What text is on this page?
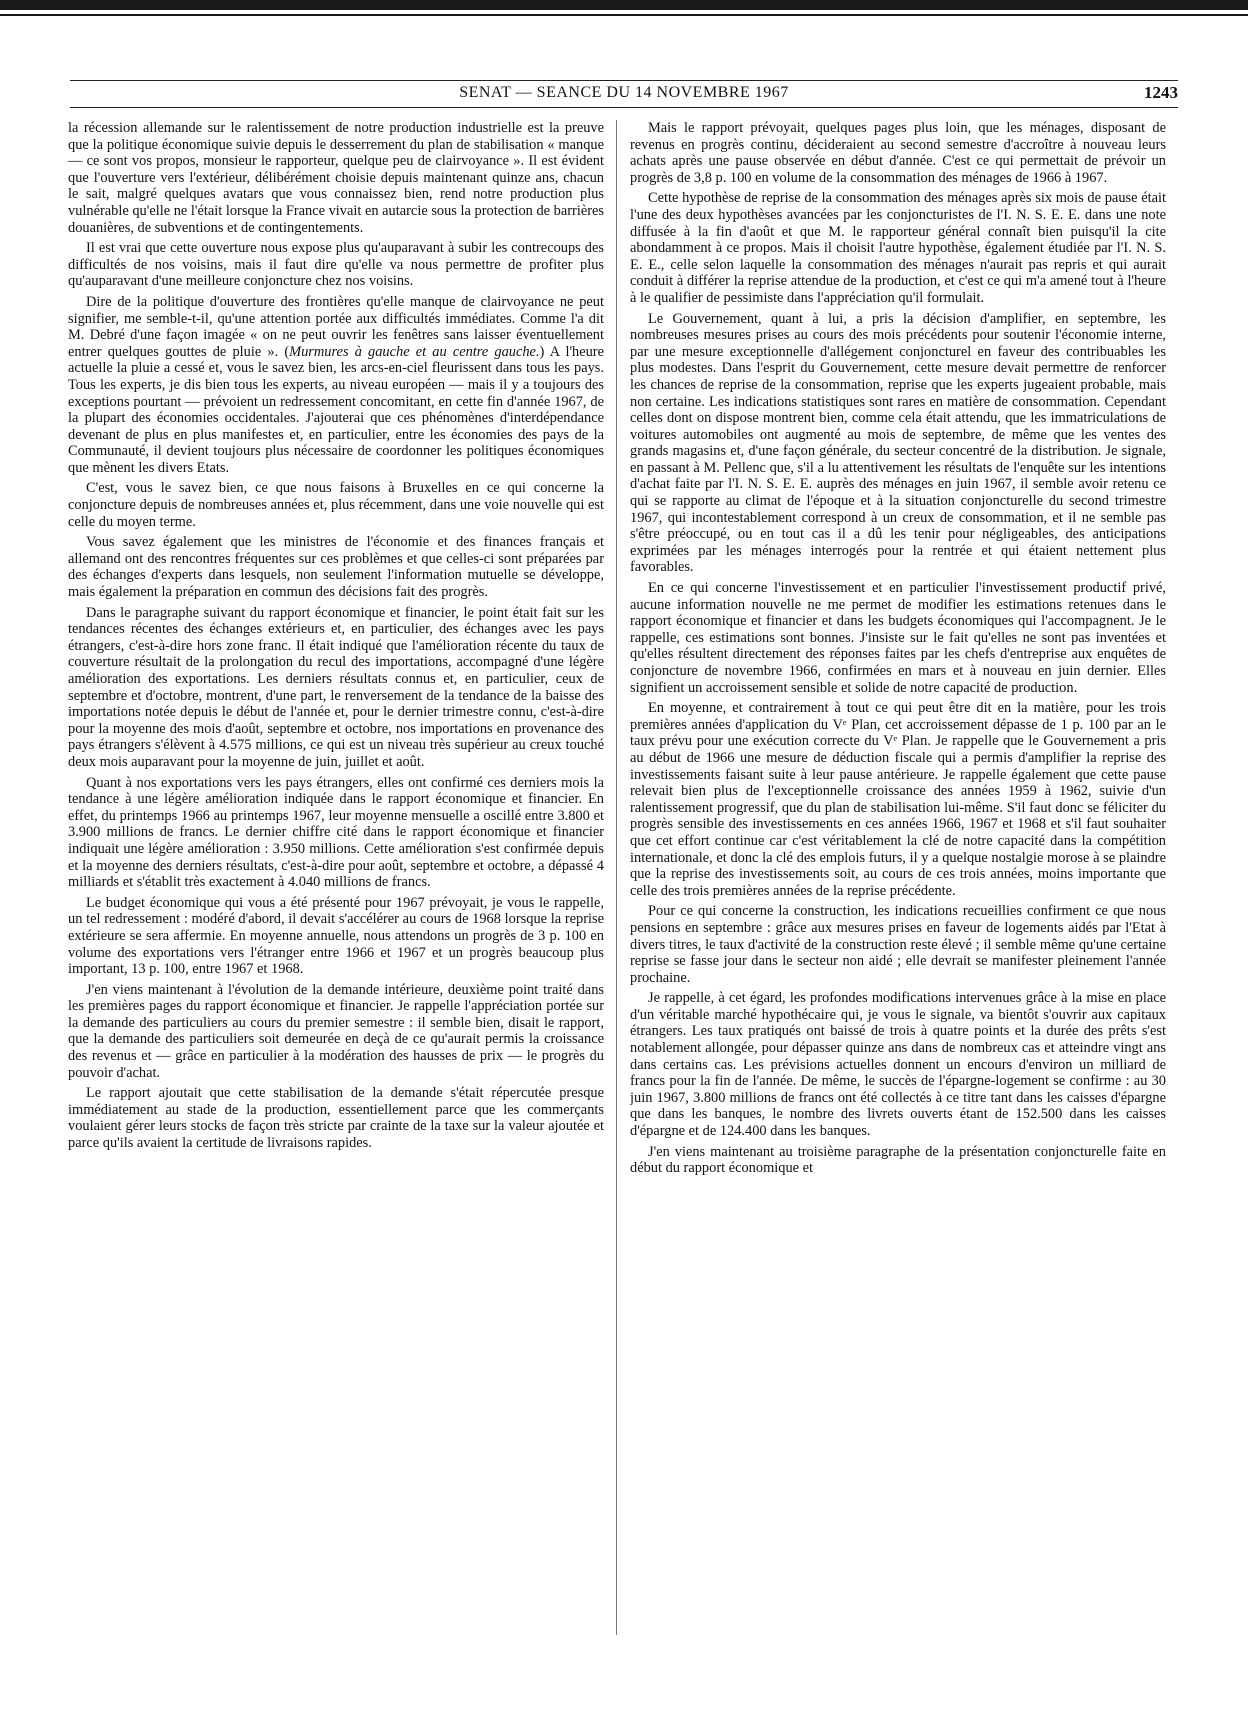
SENAT — SEANCE DU 14 NOVEMBRE 1967	1243

la récession allemande sur le ralentissement de notre production industrielle est la preuve que la politique économique suivie depuis le desserrement du plan de stabilisation « manque — ce sont vos propos, monsieur le rapporteur, quelque peu de clairvoyance ». Il est évident que l'ouverture vers l'extérieur, délibérément choisie depuis maintenant quinze ans, chacun le sait, malgré quelques avatars que vous connaissez bien, rend notre production plus vulnérable qu'elle ne l'était lorsque la France vivait en autarcie sous la protection de barrières douanières, de subventions et de contingentements.

Il est vrai que cette ouverture nous expose plus qu'auparavant à subir les contrecoups des difficultés de nos voisins, mais il faut dire qu'elle va nous permettre de profiter plus qu'auparavant d'une meilleure conjoncture chez nos voisins.

Dire de la politique d'ouverture des frontières qu'elle manque de clairvoyance ne peut signifier, me semble-t-il, qu'une attention portée aux difficultés immédiates. Comme l'a dit M. Debré d'une façon imagée « on ne peut ouvrir les fenêtres sans laisser éventuellement entrer quelques gouttes de pluie ». (Murmures à gauche et au centre gauche.) A l'heure actuelle la pluie a cessé et, vous le savez bien, les arcs-en-ciel fleurissent dans tous les pays. Tous les experts, je dis bien tous les experts, au niveau européen — mais il y a toujours des exceptions pourtant — prévoient un redressement concomitant, en cette fin d'année 1967, de la plupart des économies occidentales. J'ajouterai que ces phénomènes d'interdépendance devenant de plus en plus manifestes et, en particulier, entre les économies des pays de la Communauté, il devient toujours plus nécessaire de coordonner les politiques économiques que mènent les divers Etats.

C'est, vous le savez bien, ce que nous faisons à Bruxelles en ce qui concerne la conjoncture depuis de nombreuses années et, plus récemment, dans une voie nouvelle qui est celle du moyen terme.

Vous savez également que les ministres de l'économie et des finances français et allemand ont des rencontres fréquentes sur ces problèmes et que celles-ci sont préparées par des échanges d'experts dans lesquels, non seulement l'information mutuelle se développe, mais également la préparation en commun des décisions fait des progrès.

Dans le paragraphe suivant du rapport économique et financier, le point était fait sur les tendances récentes des échanges extérieurs et, en particulier, des échanges avec les pays étrangers, c'est-à-dire hors zone franc. Il était indiqué que l'amélioration récente du taux de couverture résultait de la prolongation du recul des importations, accompagné d'une légère amélioration des exportations. Les derniers résultats connus et, en particulier, ceux de septembre et d'octobre, montrent, d'une part, le renversement de la tendance de la baisse des importations notée depuis le début de l'année et, pour le dernier trimestre connu, c'est-à-dire pour la moyenne des mois d'août, septembre et octobre, nos importations en provenance des pays étrangers s'élèvent à 4.575 millions, ce qui est un niveau très supérieur au creux touché deux mois auparavant pour la moyenne de juin, juillet et août.

Quant à nos exportations vers les pays étrangers, elles ont confirmé ces derniers mois la tendance à une légère amélioration indiquée dans le rapport économique et financier. En effet, du printemps 1966 au printemps 1967, leur moyenne mensuelle a oscillé entre 3.800 et 3.900 millions de francs. Le dernier chiffre cité dans le rapport économique et financier indiquait une légère amélioration : 3.950 millions. Cette amélioration s'est confirmée depuis et la moyenne des derniers résultats, c'est-à-dire pour août, septembre et octobre, a dépassé 4 milliards et s'établit très exactement à 4.040 millions de francs.

Le budget économique qui vous a été présenté pour 1967 prévoyait, je vous le rappelle, un tel redressement : modéré d'abord, il devait s'accélérer au cours de 1968 lorsque la reprise extérieure se sera affermie. En moyenne annuelle, nous attendons un progrès de 3 p. 100 en volume des exportations vers l'étranger entre 1966 et 1967 et un progrès beaucoup plus important, 13 p. 100, entre 1967 et 1968.

J'en viens maintenant à l'évolution de la demande intérieure, deuxième point traité dans les premières pages du rapport économique et financier. Je rappelle l'appréciation portée sur la demande des particuliers au cours du premier semestre : il semble bien, disait le rapport, que la demande des particuliers soit demeurée en deçà de ce qu'aurait permis la croissance des revenus et — grâce en particulier à la modération des hausses de prix — le progrès du pouvoir d'achat.

Le rapport ajoutait que cette stabilisation de la demande s'était répercutée presque immédiatement au stade de la production, essentiellement parce que les commerçants voulaient gérer leurs stocks de façon très stricte par crainte de la taxe sur la valeur ajoutée et parce qu'ils avaient la certitude de livraisons rapides.

Mais le rapport prévoyait, quelques pages plus loin, que les ménages, disposant de revenus en progrès continu, décideraient au second semestre d'accroître à nouveau leurs achats après une pause observée en début d'année. C'est ce qui permettait de prévoir un progrès de 3,8 p. 100 en volume de la consommation des ménages de 1966 à 1967.

Cette hypothèse de reprise de la consommation des ménages après six mois de pause était l'une des deux hypothèses avancées par les conjoncturistes de l'I. N. S. E. E. dans une note diffusée à la fin d'août et que M. le rapporteur général connaît bien puisqu'il la cite abondamment à ce propos. Mais il choisit l'autre hypothèse, également étudiée par l'I. N. S. E. E., celle selon laquelle la consommation des ménages n'aurait pas repris et qui aurait conduit à différer la reprise attendue de la production, et c'est ce qui m'a amené tout à l'heure à le qualifier de pessimiste dans l'appréciation qu'il formulait.

Le Gouvernement, quant à lui, a pris la décision d'amplifier, en septembre, les nombreuses mesures prises au cours des mois précédents pour soutenir l'économie interne, par une mesure exceptionnelle d'allégement conjoncturel en faveur des contribuables les plus modestes. Dans l'esprit du Gouvernement, cette mesure devait permettre de renforcer les chances de reprise de la consommation, reprise que les experts jugeaient probable, mais non certaine. Les indications statistiques sont rares en matière de consommation. Cependant celles dont on dispose montrent bien, comme cela était attendu, que les immatriculations de voitures automobiles ont augmenté au mois de septembre, de même que les ventes des grands magasins et, d'une façon générale, du secteur concentré de la distribution. Je signale, en passant à M. Pellenc que, s'il a lu attentivement les résultats de l'enquête sur les intentions d'achat faite par l'I. N. S. E. E. auprès des ménages en juin 1967, il semble avoir retenu ce qui se rapporte au climat de l'époque et à la situation conjoncturelle du second trimestre 1967, qui incontestablement correspond à un creux de consommation, et il ne semble pas s'être préoccupé, ou en tout cas il a dû les tenir pour négligeables, des anticipations exprimées par les ménages interrogés pour la rentrée et qui étaient nettement plus favorables.

En ce qui concerne l'investissement et en particulier l'investissement productif privé, aucune information nouvelle ne me permet de modifier les estimations retenues dans le rapport économique et financier et dans les budgets économiques qui l'accompagnent. Je le rappelle, ces estimations sont bonnes. J'insiste sur le fait qu'elles ne sont pas inventées et qu'elles résultent directement des réponses faites par les chefs d'entreprise aux enquêtes de conjoncture de novembre 1966, confirmées en mars et à nouveau en juin dernier. Elles signifient un accroissement sensible et solide de notre capacité de production.

En moyenne, et contrairement à tout ce qui peut être dit en la matière, pour les trois premières années d'application du Vᵉ Plan, cet accroissement dépasse de 1 p. 100 par an le taux prévu pour une exécution correcte du Vᵉ Plan. Je rappelle que le Gouvernement a pris au début de 1966 une mesure de déduction fiscale qui a permis d'amplifier la reprise des investissements faisant suite à leur pause antérieure. Je rappelle également que cette pause relevait bien plus de l'exceptionnelle croissance des années 1959 à 1962, suivie d'un ralentissement progressif, que du plan de stabilisation lui-même. S'il faut donc se féliciter du progrès sensible des investissements en ces années 1966, 1967 et 1968 et s'il faut souhaiter que cet effort continue car c'est véritablement la clé de notre capacité dans la compétition internationale, et donc la clé des emplois futurs, il y a quelque nostalgie morose à se plaindre que la reprise des investissements soit, au cours de ces trois années, moins importante que celle des trois premières années de la reprise précédente.

Pour ce qui concerne la construction, les indications recueillies confirment ce que nous pensions en septembre : grâce aux mesures prises en faveur de logements aidés par l'Etat à divers titres, le taux d'activité de la construction reste élevé ; il semble même qu'une certaine reprise se fasse jour dans le secteur non aidé ; elle devrait se manifester pleinement l'année prochaine.

Je rappelle, à cet égard, les profondes modifications intervenues grâce à la mise en place d'un véritable marché hypothécaire qui, je vous le signale, va bientôt s'ouvrir aux capitaux étrangers. Les taux pratiqués ont baissé de trois à quatre points et la durée des prêts s'est notablement allongée, pour dépasser quinze ans dans de nombreux cas et atteindre vingt ans dans certains cas. Les prévisions actuelles donnent un encours d'environ un milliard de francs pour la fin de l'année. De même, le succès de l'épargne-logement se confirme : au 30 juin 1967, 3.800 millions de francs ont été collectés à ce titre tant dans les caisses d'épargne que dans les banques, le nombre des livrets ouverts étant de 152.500 dans les caisses d'épargne et de 124.400 dans les banques.

J'en viens maintenant au troisième paragraphe de la présentation conjoncturelle faite en début du rapport économique et
